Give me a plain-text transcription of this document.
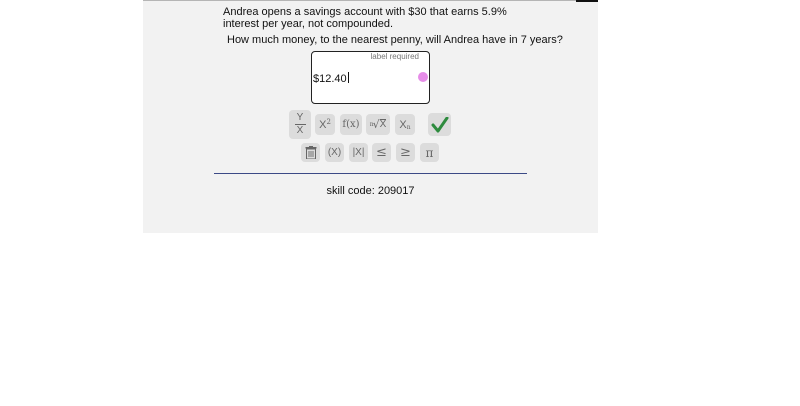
Andrea opens a savings account with $30 that earns 5.9% interest per year, not compounded.
How much money, to the nearest penny, will Andrea have in 7 years?
label required
$12.40
Y
X X 2 f(x)	n √ X X n
(X)	|X| ≤	≥	π
skill code: 209017
